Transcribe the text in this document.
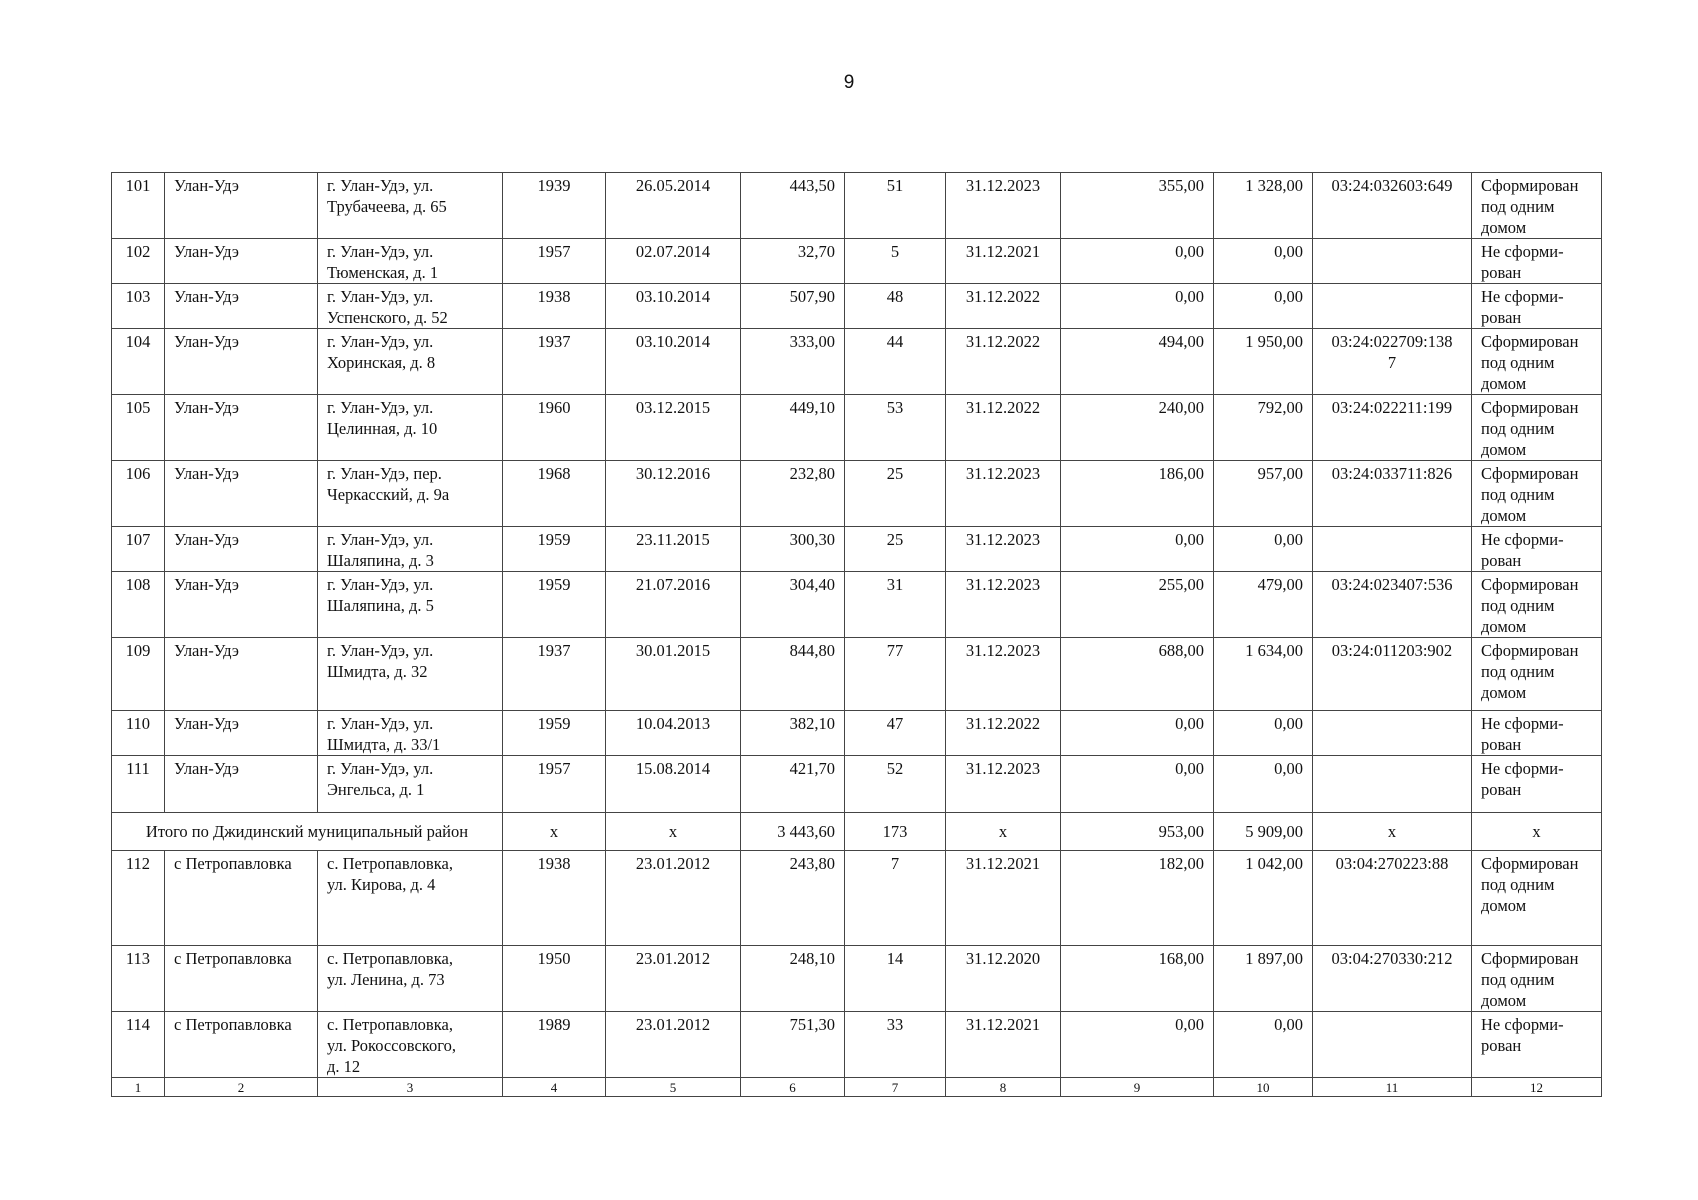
9
101	Улан-Удэ	г. Улан-Удэ, ул.
Трубачеева, д. 65	1939	26.05.2014	443,50	51	31.12.2023	355,00	1 328,00	03:24:032603:649	Сформирован
под одним
домом
102	Улан-Удэ	г. Улан-Удэ, ул.
Тюменская, д. 1	1957	02.07.2014	32,70	5	31.12.2021	0,00	0,00		Не сформи-
рован
103	Улан-Удэ	г. Улан-Удэ, ул.
Успенского, д. 52	1938	03.10.2014	507,90	48	31.12.2022	0,00	0,00		Не сформи-
рован
104	Улан-Удэ	г. Улан-Удэ, ул.
Хоринская, д. 8	1937	03.10.2014	333,00	44	31.12.2022	494,00	1 950,00	03:24:022709:138
7	Сформирован
под одним
домом
105	Улан-Удэ	г. Улан-Удэ, ул.
Целинная, д. 10	1960	03.12.2015	449,10	53	31.12.2022	240,00	792,00	03:24:022211:199	Сформирован
под одним
домом
106	Улан-Удэ	г. Улан-Удэ, пер.
Черкасский, д. 9а	1968	30.12.2016	232,80	25	31.12.2023	186,00	957,00	03:24:033711:826	Сформирован
под одним
домом
107	Улан-Удэ	г. Улан-Удэ, ул.
Шаляпина, д. 3	1959	23.11.2015	300,30	25	31.12.2023	0,00	0,00		Не сформи-
рован
108	Улан-Удэ	г. Улан-Удэ, ул.
Шаляпина, д. 5	1959	21.07.2016	304,40	31	31.12.2023	255,00	479,00	03:24:023407:536	Сформирован
под одним
домом
109	Улан-Удэ	г. Улан-Удэ, ул.
Шмидта, д. 32	1937	30.01.2015	844,80	77	31.12.2023	688,00	1 634,00	03:24:011203:902	Сформирован
под одним
домом
110	Улан-Удэ	г. Улан-Удэ, ул.
Шмидта, д. 33/1	1959	10.04.2013	382,10	47	31.12.2022	0,00	0,00		Не сформи-
рован
111	Улан-Удэ	г. Улан-Удэ, ул.
Энгельса, д. 1	1957	15.08.2014	421,70	52	31.12.2023	0,00	0,00		Не сформи-
рован
Итого по Джидинский муниципальный район			х	х	3 443,60	173	х	953,00	5 909,00	х	х
112	с Петропавловка	с. Петропавловка,
ул. Кирова, д. 4	1938	23.01.2012	243,80	7	31.12.2021	182,00	1 042,00	03:04:270223:88	Сформирован
под одним
домом
113	с Петропавловка	с. Петропавловка,
ул. Ленина, д. 73	1950	23.01.2012	248,10	14	31.12.2020	168,00	1 897,00	03:04:270330:212	Сформирован
под одним
домом
114	с Петропавловка	с. Петропавловка,
ул. Рокоссовского,
д. 12	1989	23.01.2012	751,30	33	31.12.2021	0,00	0,00		Не сформи-
рован
1	2	3	4	5	6	7	8	9	10	11	12
